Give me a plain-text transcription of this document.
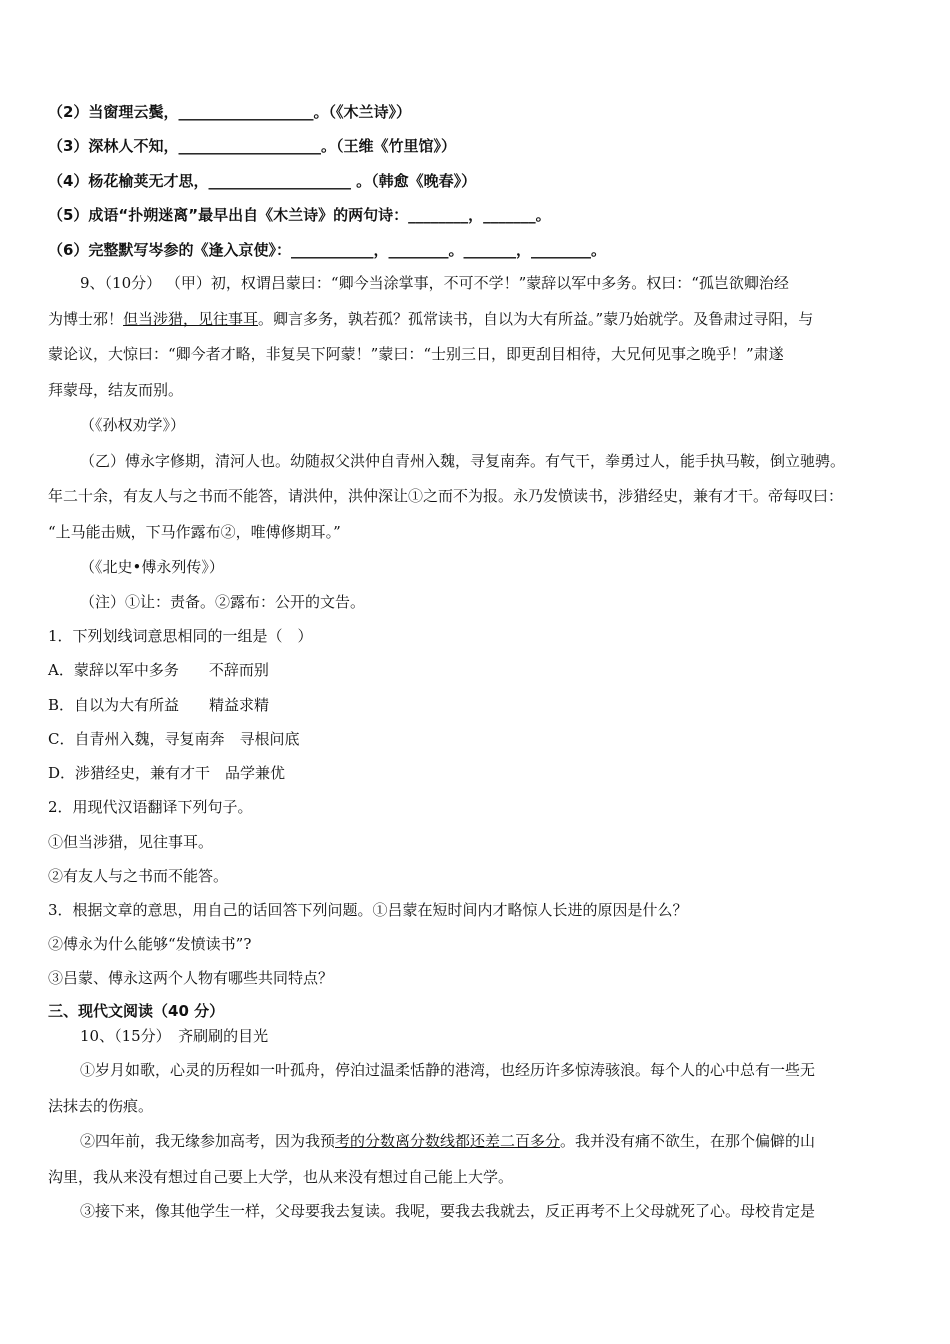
（2）当窗理云鬓，__________________。（《木兰诗》）
（3）深林人不知，___________________。（王维《竹里馆》）
（4）杨花榆荚无才思，___________________ 。（韩愈《晚春》）
（5）成语“扑朔迷离”最早出自《木兰诗》的两句诗：________，_______。
（6）完整默写岑参的《逢入京使》：___________，________。_______，________。
9、（10分） （甲）初，权谓吕蒙曰：“卿今当涂掌事，不可不学！”蒙辞以军中多务。权曰：“孤岂欲卿治经
为博士邪！但当涉猎，见往事耳。卿言多务，孰若孤？孤常读书，自以为大有所益。”蒙乃始就学。及鲁肃过寻阳，与
蒙论议，大惊曰：“卿今者才略，非复吴下阿蒙！”蒙曰：“士别三日，即更刮目相待，大兄何见事之晚乎！”肃遂
拜蒙母，结友而别。
（《孙权劝学》）
（乙）傅永字修期，清河人也。幼随叔父洪仲自青州入魏，寻复南奔。有气干，拳勇过人，能手执马鞍，倒立驰骋。
年二十余，有友人与之书而不能答，请洪仲，洪仲深让①之而不为报。永乃发愤读书，涉猎经史，兼有才干。帝每叹曰：
“上马能击贼，下马作露布②，唯傅修期耳。”
（《北史•傅永列传》）
（注）①让：责备。②露布：公开的文告。
1．下列划线词意思相同的一组是（　）
A．蒙辞以军中多务　　不辞而别
B．自以为大有所益　　精益求精
C．自青州入魏，寻复南奔　寻根问底
D．涉猎经史，兼有才干　品学兼优
2．用现代汉语翻译下列句子。
①但当涉猎，见往事耳。
②有友人与之书而不能答。
3．根据文章的意思，用自己的话回答下列问题。①吕蒙在短时间内才略惊人长进的原因是什么？
②傅永为什么能够“发愤读书”?
③吕蒙、傅永这两个人物有哪些共同特点？
三、现代文阅读（40 分）
10、（15分）　齐刷刷的目光
①岁月如歌，心灵的历程如一叶孤舟，停泊过温柔恬静的港湾，也经历许多惊涛骇浪。每个人的心中总有一些无
法抹去的伤痕。
②四年前，我无缘参加高考，因为我预考的分数离分数线都还差二百多分。我并没有痛不欲生，在那个偏僻的山
沟里，我从来没有想过自己要上大学，也从来没有想过自己能上大学。
③接下来，像其他学生一样，父母要我去复读。我呢，要我去我就去，反正再考不上父母就死了心。母校肯定是
